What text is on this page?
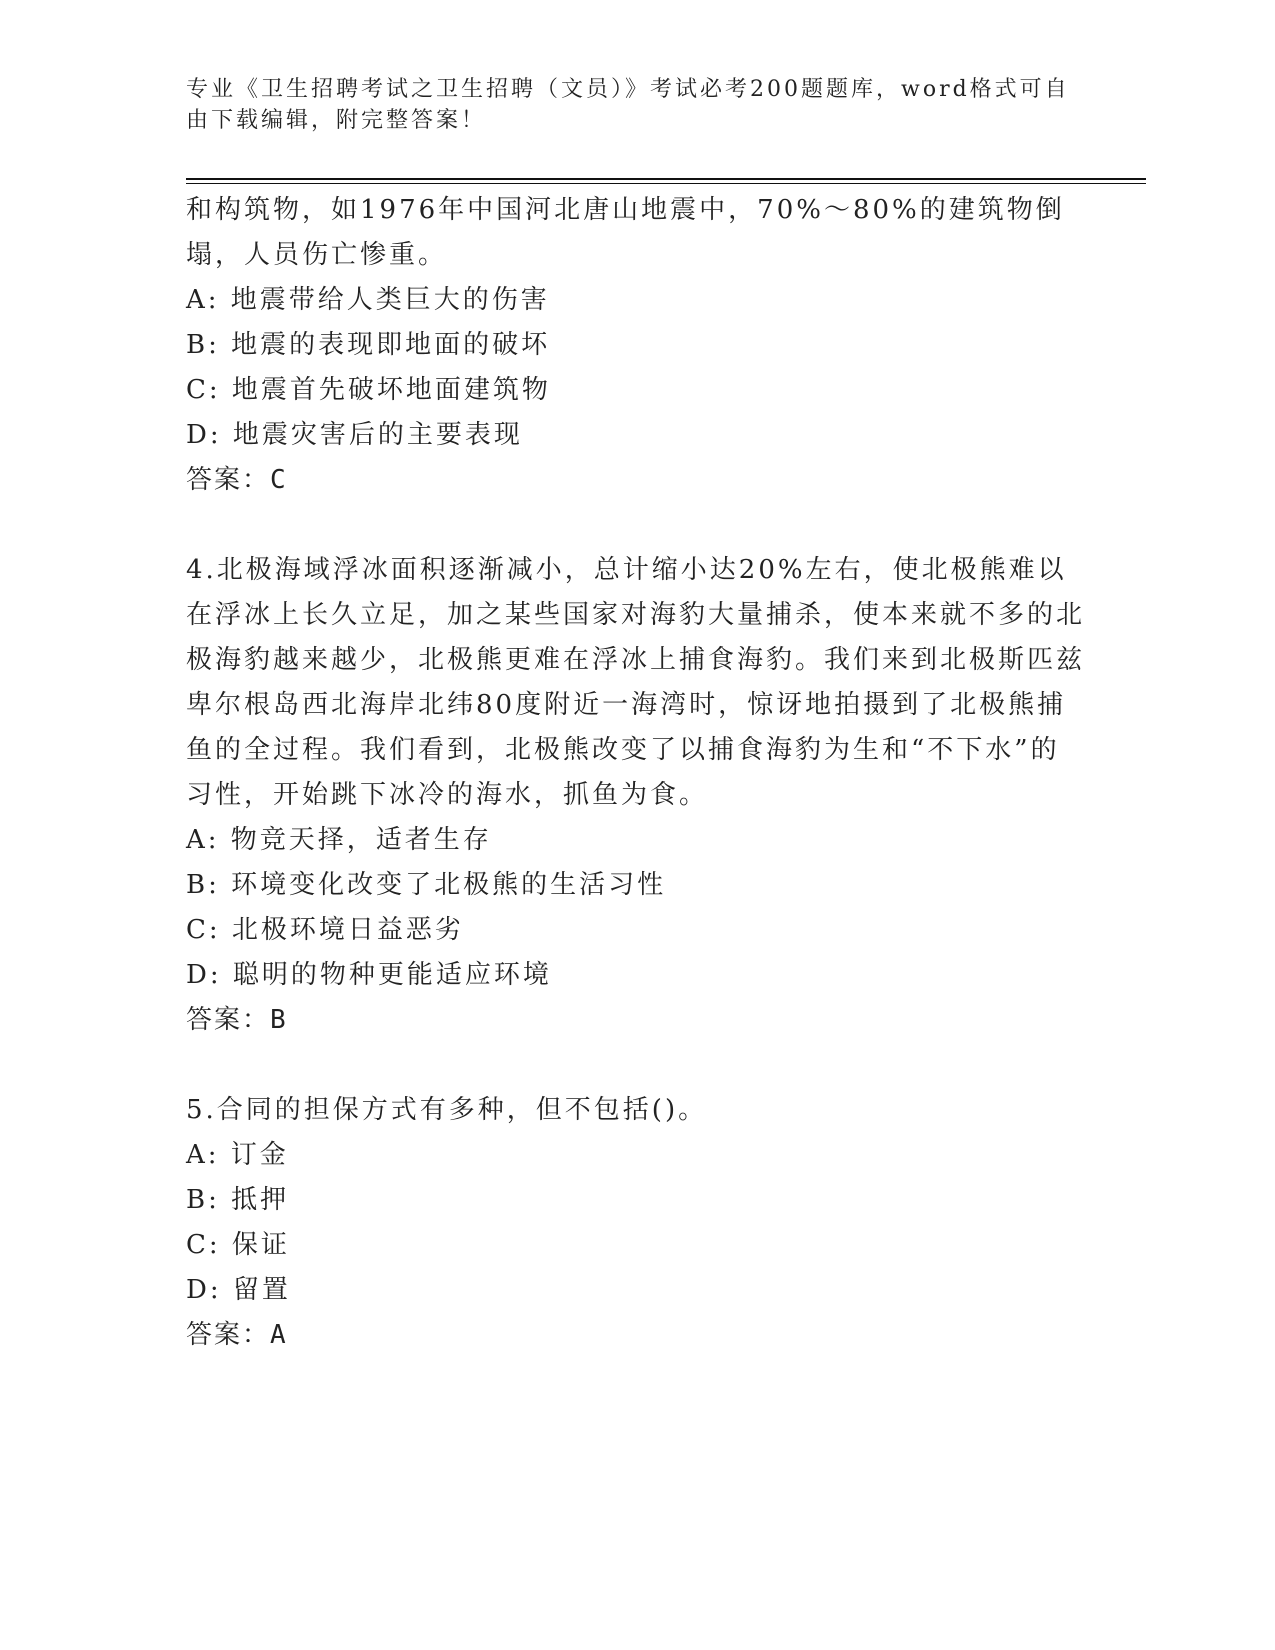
专业《卫生招聘考试之卫生招聘（文员）》考试必考200题题库，word格式可自由下载编辑，附完整答案！

和构筑物，如1976年中国河北唐山地震中，70%～80%的建筑物倒塌，人员伤亡惨重。

A: 地震带给人类巨大的伤害

B: 地震的表现即地面的破坏

C: 地震首先破坏地面建筑物

D: 地震灾害后的主要表现

答案：C

4.北极海域浮冰面积逐渐减小，总计缩小达20%左右，使北极熊难以在浮冰上长久立足，加之某些国家对海豹大量捕杀，使本来就不多的北极海豹越来越少，北极熊更难在浮冰上捕食海豹。我们来到北极斯匹兹卑尔根岛西北海岸北纬80度附近一海湾时，惊讶地拍摄到了北极熊捕鱼的全过程。我们看到，北极熊改变了以捕食海豹为生和“不下水”的习性，开始跳下冰冷的海水，抓鱼为食。

A: 物竞天择，适者生存

B: 环境变化改变了北极熊的生活习性

C: 北极环境日益恶劣

D: 聪明的物种更能适应环境

答案：B

5.合同的担保方式有多种，但不包括()。

A: 订金

B: 抵押

C: 保证

D: 留置

答案：A
